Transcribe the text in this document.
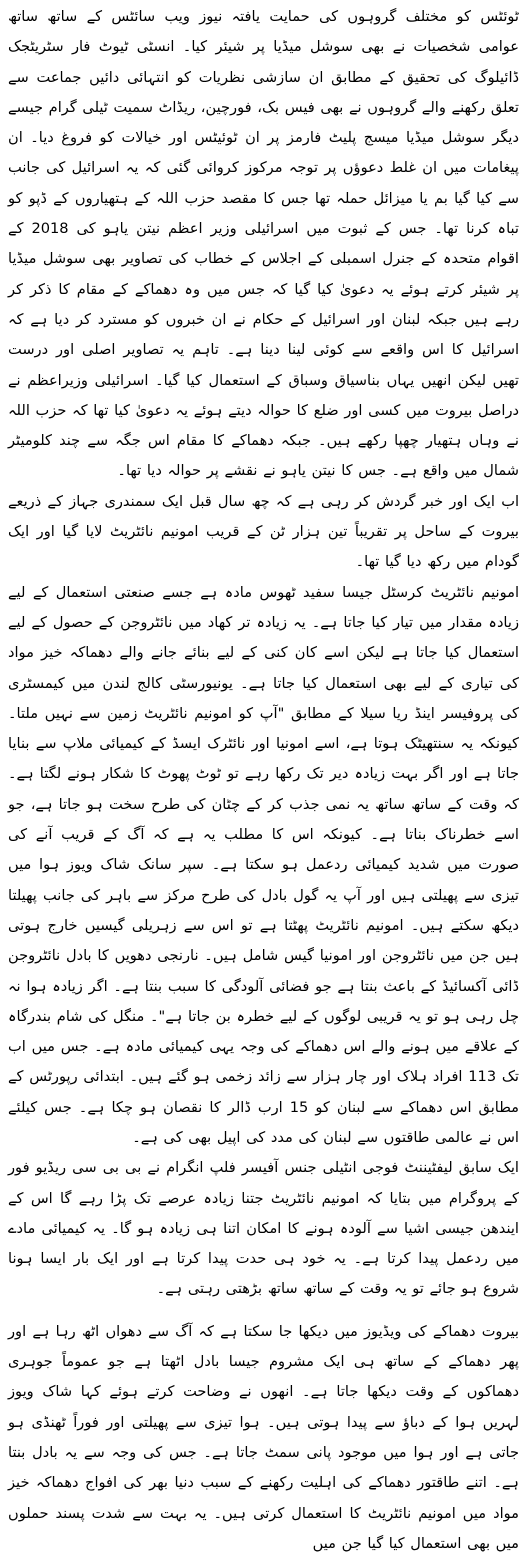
ٹوئٹس کو مختلف گروہوں کی حمایت یافتہ نیوز ویب سائٹس کے ساتھ ساتھ عوامی شخصیات نے بھی سوشل میڈیا پر شیئر کیا۔ انسٹی ٹیوٹ فار سٹریٹجک ڈائیلوگ کی تحقیق کے مطابق ان سازشی نظریات کو انتہائی دائیں جماعت سے تعلق رکھنے والے گروہوں نے بھی فیس بک، فورچین، ریڈاٹ سمیت ٹیلی گرام جیسے دیگر سوشل میڈیا میسج پلیٹ فارمز پر ان ٹوئیٹس اور خیالات کو فروغ دیا۔ ان پیغامات میں ان غلط دعوؤں پر توجہ مرکوز کروائی گئی کہ یہ اسرائیل کی جانب سے کیا گیا بم یا میزائل حملہ تھا جس کا مقصد حزب اللہ کے ہتھیاروں کے ڈپو کو تباہ کرنا تھا۔ جس کے ثبوت میں اسرائیلی وزیر اعظم نیتن یاہو کی 2018 کے اقوام متحدہ کے جنرل اسمبلی کے اجلاس کے خطاب کی تصاویر بھی سوشل میڈیا پر شیئر کرتے ہوئے یہ دعویٰ کیا گیا کہ جس میں وہ دھماکے کے مقام کا ذکر کر رہے ہیں جبکہ لبنان اور اسرائیل کے حکام نے ان خبروں کو مسترد کر دیا ہے کہ اسرائیل کا اس واقعے سے کوئی لینا دینا ہے۔ تاہم یہ تصاویر اصلی اور درست تھیں لیکن انھیں یہاں بناسیاق وسباق کے استعمال کیا گیا۔ اسرائیلی وزیراعظم نے دراصل بیروت میں کسی اور ضلع کا حوالہ دیتے ہوئے یہ دعویٰ کیا تھا کہ حزب اللہ نے وہاں ہتھیار چھپا رکھے ہیں۔ جبکہ دھماکے کا مقام اس جگہ سے چند کلومیٹر شمال میں واقع ہے۔ جس کا نیتن یاہو نے نقشے پر حوالہ دیا تھا۔

اب ایک اور خبر گردش کر رہی ہے کہ چھ سال قبل ایک سمندری جہاز کے ذریعے بیروت کے ساحل پر تقریباً تین ہزار ٹن کے قریب امونیم نائٹریٹ لایا گیا اور ایک گودام میں رکھ دیا گیا تھا۔

امونیم نائٹریٹ کرسٹل جیسا سفید ٹھوس مادہ ہے جسے صنعتی استعمال کے لیے زیادہ مقدار میں تیار کیا جاتا ہے۔ یہ زیادہ تر کھاد میں نائٹروجن کے حصول کے لیے استعمال کیا جاتا ہے لیکن اسے کان کنی کے لیے بنائے جانے والے دھماکہ خیز مواد کی تیاری کے لیے بھی استعمال کیا جاتا ہے۔ یونیورسٹی کالج لندن میں کیمسٹری کی پروفیسر اینڈ ریا سیلا کے مطابق "آپ کو امونیم نائٹریٹ زمین سے نہیں ملتا۔ کیونکہ یہ سنتھیٹک ہوتا ہے، اسے امونیا اور نائٹرک ایسڈ کے کیمیائی ملاپ سے بنایا جاتا ہے اور اگر بہت زیادہ دیر تک رکھا رہے تو ٹوٹ پھوٹ کا شکار ہونے لگتا ہے۔ کہ وقت کے ساتھ ساتھ یہ نمی جذب کر کے چٹان کی طرح سخت ہو جاتا ہے، جو اسے خطرناک بناتا ہے۔ کیونکہ اس کا مطلب یہ ہے کہ آگ کے قریب آنے کی صورت میں شدید کیمیائی ردعمل ہو سکتا ہے۔ سپر سانک شاک ویوز ہوا میں تیزی سے پھیلتی ہیں اور آپ یہ گول بادل کی طرح مرکز سے باہر کی جانب پھیلتا دیکھ سکتے ہیں۔ امونیم نائٹریٹ پھٹتا ہے تو اس سے زہریلی گیسیں خارج ہوتی ہیں جن میں نائٹروجن اور امونیا گیس شامل ہیں۔ نارنجی دھویں کا بادل نائٹروجن ڈائی آکسائیڈ کے باعث بنتا ہے جو فضائی آلودگی کا سبب بنتا ہے۔ اگر زیادہ ہوا نہ چل رہی ہو تو یہ قریبی لوگوں کے لیے خطرہ بن جاتا ہے"۔ منگل کی شام بندرگاہ کے علاقے میں ہونے والے اس دھماکے کی وجہ یہی کیمیائی مادہ ہے۔ جس میں اب تک 113 افراد ہلاک اور چار ہزار سے زائد زخمی ہو گئے ہیں۔ ابتدائی رپورٹس کے مطابق اس دھماکے سے لبنان کو 15 ارب ڈالر کا نقصان ہو چکا ہے۔ جس کیلئے اس نے عالمی طاقتوں سے لبنان کی مدد کی اپیل بھی کی ہے۔

ایک سابق لیفٹیننٹ فوجی انٹیلی جنس آفیسر فلپ انگرام نے بی بی سی ریڈیو فور کے پروگرام میں بتایا کہ امونیم نائٹریٹ جتنا زیادہ عرصے تک پڑا رہے گا اس کے ایندھن جیسی اشیا سے آلودہ ہونے کا امکان اتنا ہی زیادہ ہو گا۔ یہ کیمیائی مادے میں ردعمل پیدا کرتا ہے۔ یہ خود ہی حدت پیدا کرتا ہے اور ایک بار ایسا ہونا شروع ہو جائے تو یہ وقت کے ساتھ ساتھ بڑھتی رہتی ہے۔

بیروت دھماکے کی ویڈیوز میں دیکھا جا سکتا ہے کہ آگ سے دھواں اٹھ رہا ہے اور پھر دھماکے کے ساتھ ہی ایک مشروم جیسا بادل اٹھتا ہے جو عموماً جوہری دھماکوں کے وقت دیکھا جاتا ہے۔ انھوں نے وضاحت کرتے ہوئے کہا شاک ویوز لہریں ہوا کے دباؤ سے پیدا ہوتی ہیں۔ ہوا تیزی سے پھیلتی اور فوراً ٹھنڈی ہو جاتی ہے اور ہوا میں موجود پانی سمٹ جاتا ہے۔ جس کی وجہ سے یہ بادل بنتا ہے۔ اتنے طاقتور دھماکے کی اہلیت رکھنے کے سبب دنیا بھر کی افواج دھماکہ خیز مواد میں امونیم نائٹریٹ کا استعمال کرتی ہیں۔ یہ بہت سے شدت پسند حملوں میں بھی استعمال کیا گیا جن میں
